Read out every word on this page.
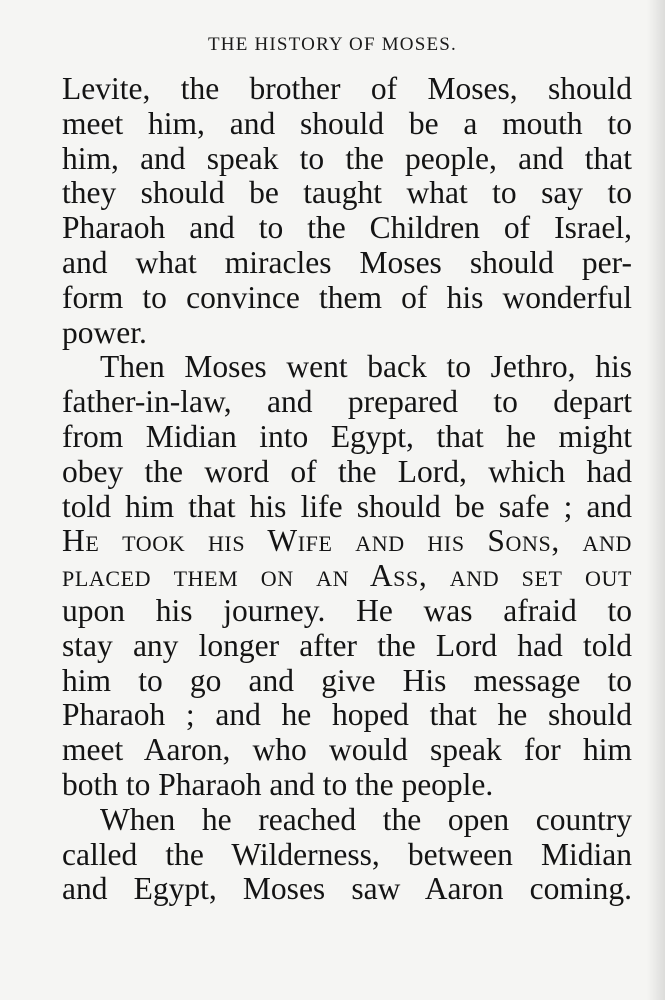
THE HISTORY OF MOSES.
Levite, the brother of Moses, should
meet him, and should be a mouth to
him, and speak to the people, and that
they should be taught what to say to
Pharaoh and to the Children of Israel,
and what miracles Moses should per-
form to convince them of his wonderful
power.
Then Moses went back to Jethro, his
father-in-law, and prepared to depart
from Midian into Egypt, that he might
obey the word of the Lord, which had
told him that his life should be safe ; and
He took his Wife and his Sons, and
placed them on an Ass, and set out
upon his journey. He was afraid to
stay any longer after the Lord had told
him to go and give His message to
Pharaoh ; and he hoped that he should
meet Aaron, who would speak for him
both to Pharaoh and to the people.
When he reached the open country
called the Wilderness, between Midian
and Egypt, Moses saw Aaron coming.
